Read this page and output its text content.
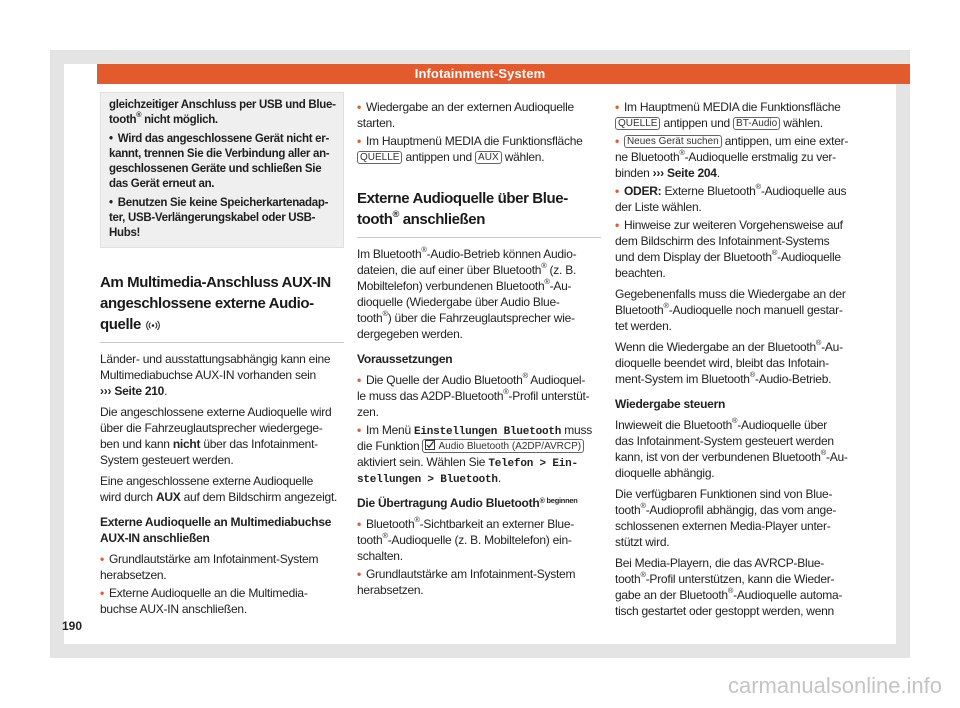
Infotainment-System
gleichzeitiger Anschluss per USB und Blue-
tooth® nicht möglich.
• Wird das angeschlossene Gerät nicht er-
kannt, trennen Sie die Verbindung aller an-
geschlossenen Geräte und schließen Sie
das Gerät erneut an.
• Benutzen Sie keine Speicherkartenadap-
ter, USB-Verlängerungskabel oder USB-
Hubs!
Am Multimedia-Anschluss AUX-IN
angeschlossene externe Audio-
quelle
Länder- und ausstattungsabhängig kann eine
Multimediabuchse AUX-IN vorhanden sein
››› Seite 210.
Die angeschlossene externe Audioquelle wird
über die Fahrzeuglautsprecher wiedergege-
ben und kann nicht über das Infotainment-
System gesteuert werden.
Eine angeschlossene externe Audioquelle
wird durch AUX auf dem Bildschirm angezeigt.
Externe Audioquelle an Multimediabuchse
AUX-IN anschließen
• Grundlautstärke am Infotainment-System
herabsetzen.
• Externe Audioquelle an die Multimedia-
buchse AUX-IN anschließen.
• Wiedergabe an der externen Audioquelle
starten.
• Im Hauptmenü MEDIA die Funktionsfläche
QUELLE antippen und AUX wählen.
Externe Audioquelle über Blue-
tooth® anschließen
Im Bluetooth®-Audio-Betrieb können Audio-
dateien, die auf einer über Bluetooth® (z. B.
Mobiltelefon) verbundenen Bluetooth®-Au-
dioquelle (Wiedergabe über Audio Blue-
tooth®) über die Fahrzeuglautsprecher wie-
dergegeben werden.
Voraussetzungen
• Die Quelle der Audio Bluetooth® Audioquel-
le muss das A2DP-Bluetooth®-Profil unterstüt-
zen.
• Im Menü Einstellungen Bluetooth muss
die Funktion Audio Bluetooth (A2DP/AVRCP)
aktiviert sein. Wählen Sie Telefon > Ein-
stellungen > Bluetooth.
Die Übertragung Audio Bluetooth$^{® beginnen}$
• Bluetooth®-Sichtbarkeit an externer Blue-
tooth®-Audioquelle (z. B. Mobiltelefon) ein-
schalten.
• Grundlautstärke am Infotainment-System
herabsetzen.
• Im Hauptmenü MEDIA die Funktionsfläche
QUELLE antippen und BT-Audio wählen.
• Neues Gerät suchen antippen, um eine exter-
ne Bluetooth®-Audioquelle erstmalig zu ver-
binden ››› Seite 204.
• ODER: Externe Bluetooth®-Audioquelle aus
der Liste wählen.
• Hinweise zur weiteren Vorgehensweise auf
dem Bildschirm des Infotainment-Systems
und dem Display der Bluetooth®-Audioquelle
beachten.
Gegebenenfalls muss die Wiedergabe an der
Bluetooth®-Audioquelle noch manuell gestar-
tet werden.
Wenn die Wiedergabe an der Bluetooth®-Au-
dioquelle beendet wird, bleibt das Infotain-
ment-System im Bluetooth®-Audio-Betrieb.
Wiedergabe steuern
Inwieweit die Bluetooth®-Audioquelle über
das Infotainment-System gesteuert werden
kann, ist von der verbundenen Bluetooth®-Au-
dioquelle abhängig.
Die verfügbaren Funktionen sind von Blue-
tooth®-Audioprofil abhängig, das vom ange-
schlossenen externen Media-Player unter-
stützt wird.
Bei Media-Playern, die das AVRCP-Blue-
tooth®-Profil unterstützen, kann die Wieder-
gabe an der Bluetooth®-Audioquelle automa-
tisch gestartet oder gestoppt werden, wenn
190
carmanualsonline.info
